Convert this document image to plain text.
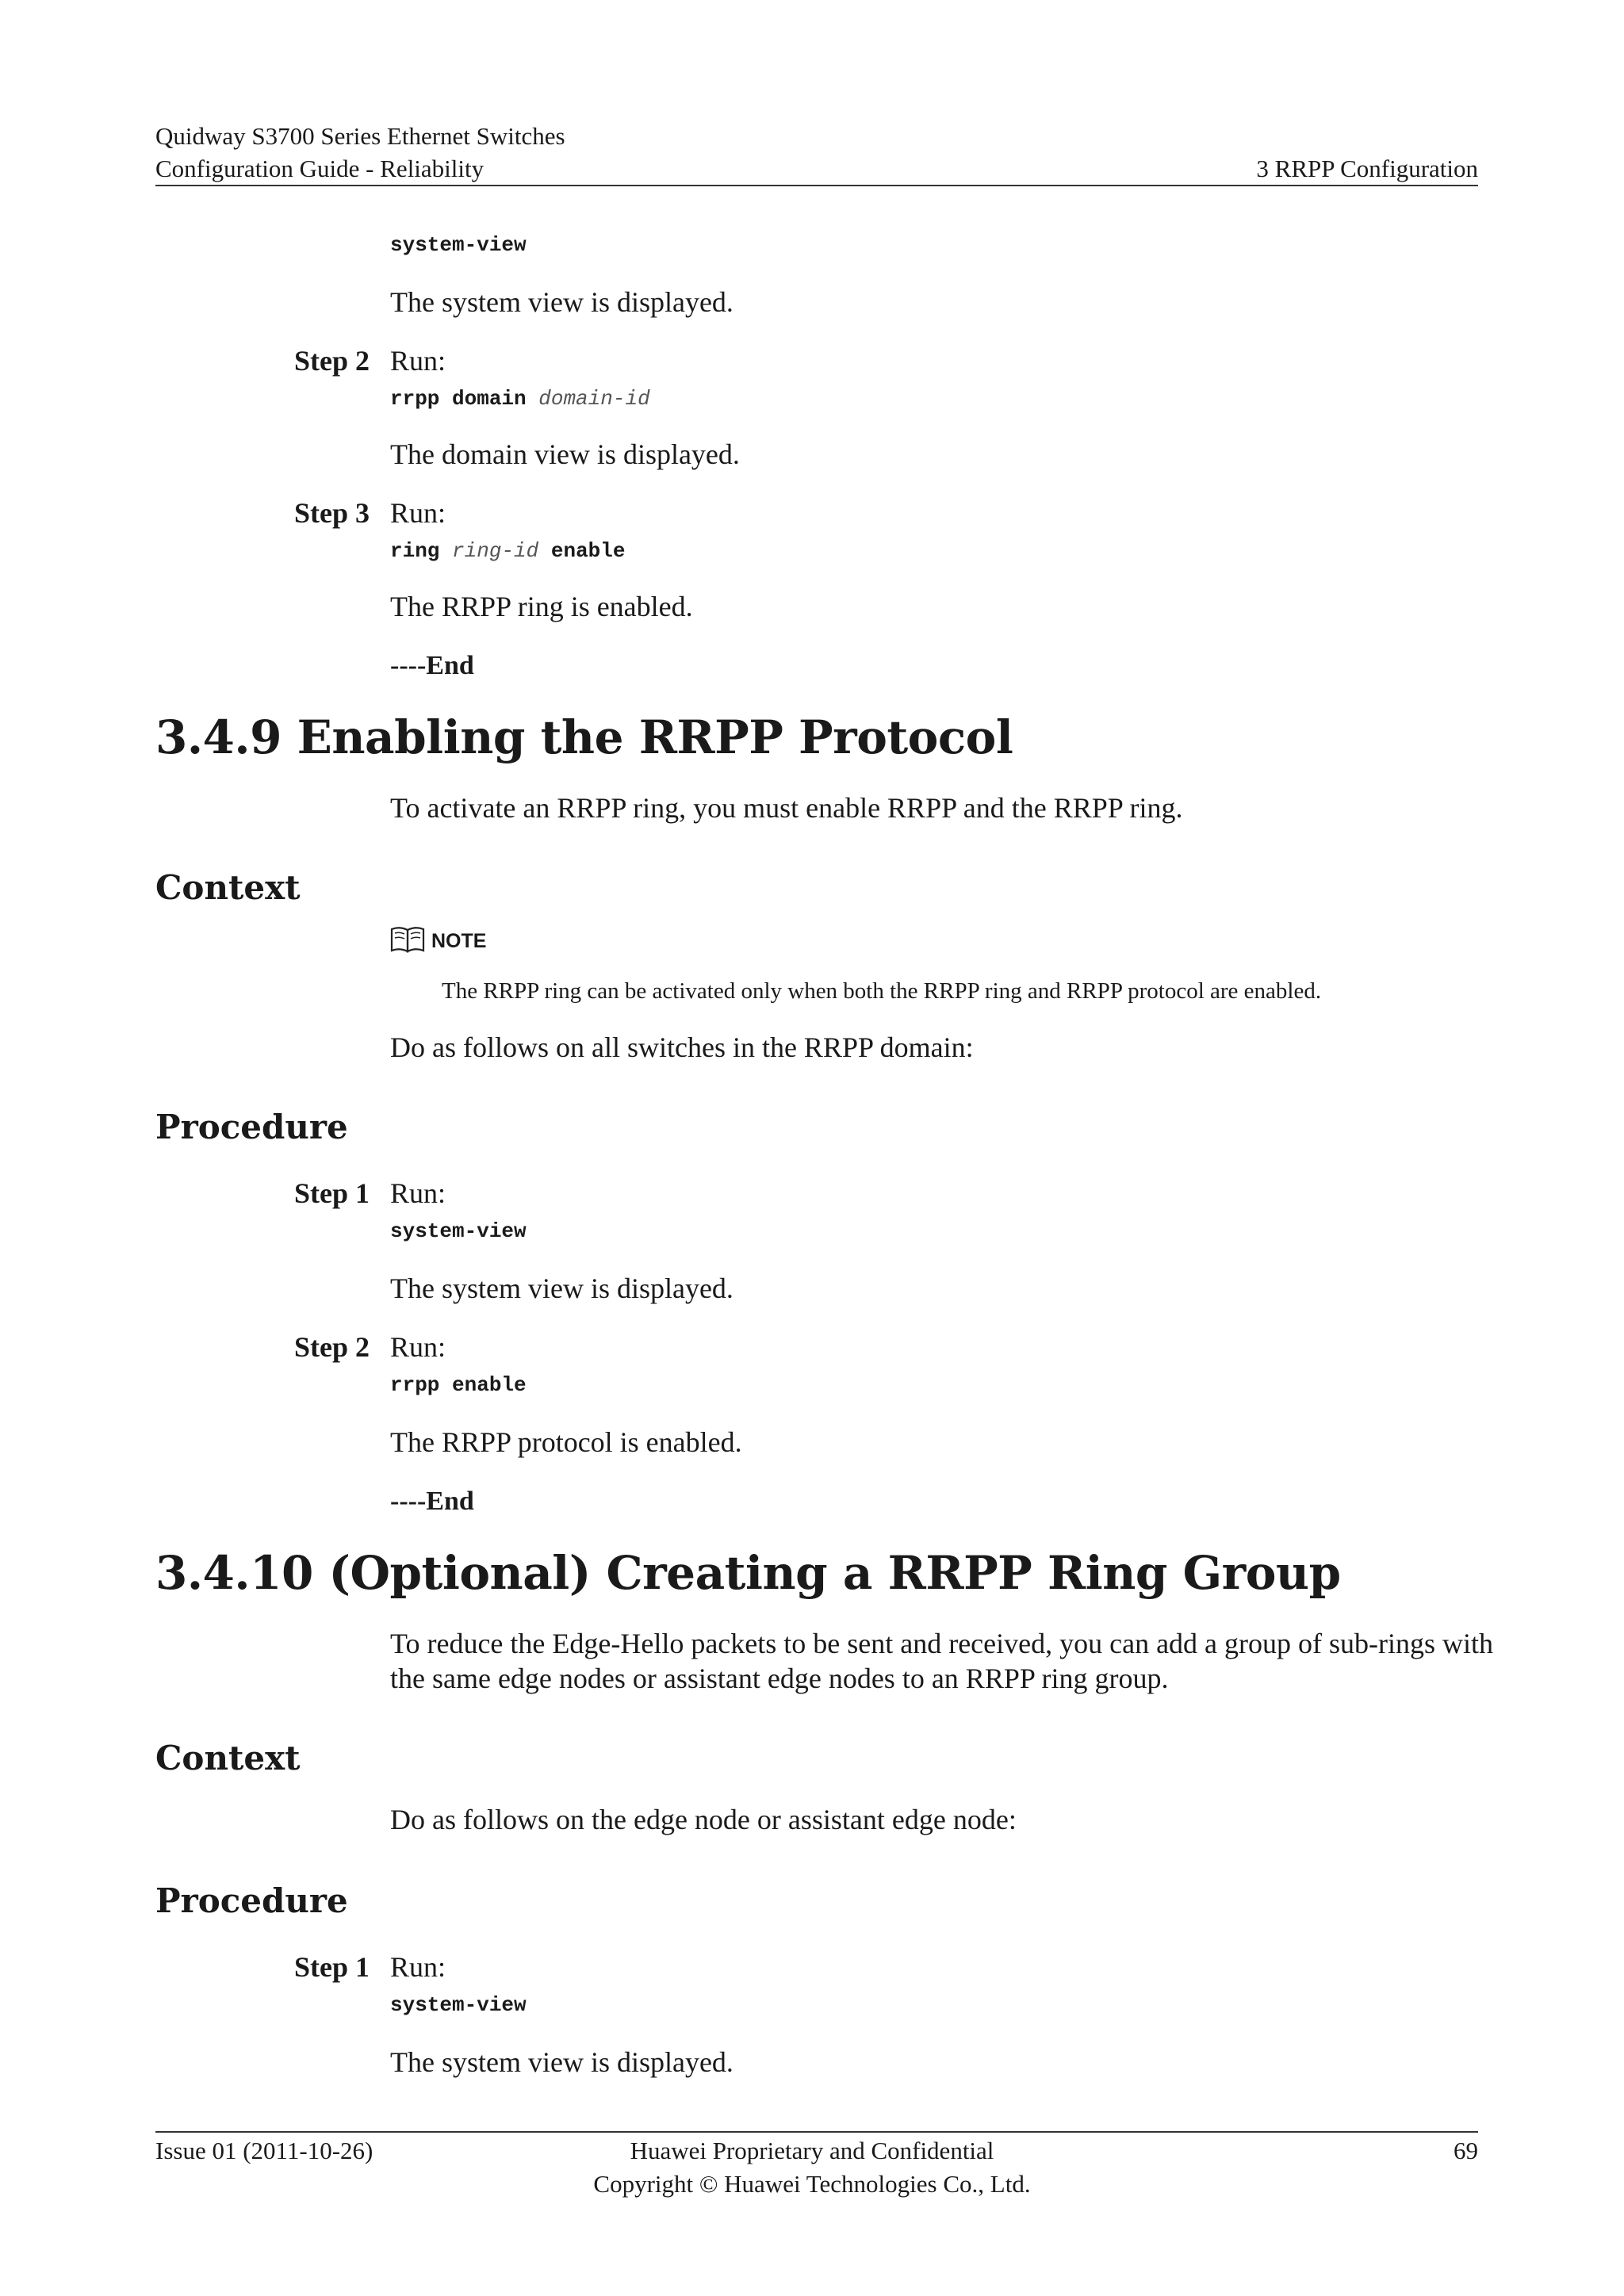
Quidway S3700 Series Ethernet Switches
Configuration Guide - Reliability	3 RRPP Configuration
system-view
The system view is displayed.
Step 2 Run:
rrpp domain domain-id
The domain view is displayed.
Step 3 Run:
ring ring-id enable
The RRPP ring is enabled.
----End
3.4.9 Enabling the RRPP Protocol
To activate an RRPP ring, you must enable RRPP and the RRPP ring.
Context
NOTE
The RRPP ring can be activated only when both the RRPP ring and RRPP protocol are enabled.
Do as follows on all switches in the RRPP domain:
Procedure
Step 1 Run:
system-view
The system view is displayed.
Step 2 Run:
rrpp enable
The RRPP protocol is enabled.
----End
3.4.10 (Optional) Creating a RRPP Ring Group
To reduce the Edge-Hello packets to be sent and received, you can add a group of sub-rings with
the same edge nodes or assistant edge nodes to an RRPP ring group.
Context
Do as follows on the edge node or assistant edge node:
Procedure
Step 1 Run:
system-view
The system view is displayed.
Issue 01 (2011-10-26)	Huawei Proprietary and Confidential
Copyright © Huawei Technologies Co., Ltd.
69
